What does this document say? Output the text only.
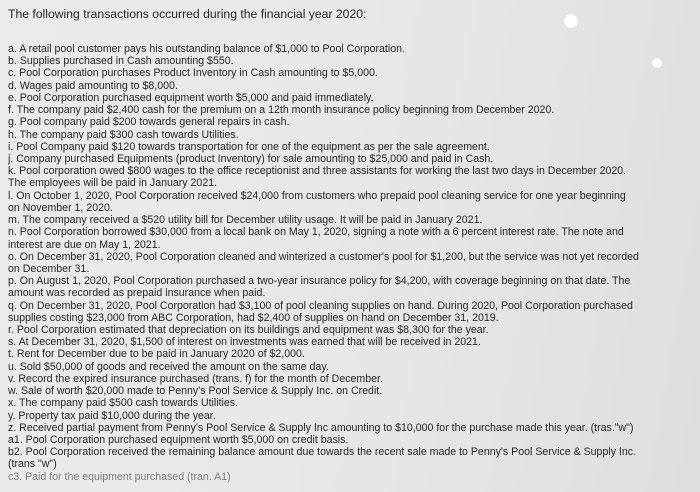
The following transactions occurred during the financial year 2020:
a. A retail pool customer pays his outstanding balance of $1,000 to Pool Corporation.
b. Supplies purchased in Cash amounting $550.
c. Pool Corporation purchases Product Inventory in Cash amounting to $5,000.
d. Wages paid amounting to $8,000.
e. Pool Corporation purchased equipment worth $5,000 and paid immediately.
f. The company paid $2,400 cash for the premium on a 12th month insurance policy beginning from December 2020.
g. Pool company paid $200 towards general repairs in cash.
h. The company paid $300 cash towards Utilities.
i. Pool Company paid $120 towards transportation for one of the equipment as per the sale agreement.
j. Company purchased Equipments (product Inventory) for sale amounting to $25,000 and paid in Cash.
k. Pool corporation owed $800 wages to the office receptionist and three assistants for working the last two days in December 2020.
The employees will be paid in January 2021.
l. On October 1, 2020, Pool Corporation received $24,000 from customers who prepaid pool cleaning service for one year beginning
on November 1, 2020.
m. The company received a $520 utility bill for December utility usage. It will be paid in January 2021.
n. Pool Corporation borrowed $30,000 from a local bank on May 1, 2020, signing a note with a 6 percent interest rate. The note and
interest are due on May 1, 2021.
o. On December 31, 2020, Pool Corporation cleaned and winterized a customer's pool for $1,200, but the service was not yet recorded
on December 31.
p. On August 1, 2020, Pool Corporation purchased a two-year insurance policy for $4,200, with coverage beginning on that date. The
amount was recorded as prepaid insurance when paid.
q. On December 31, 2020, Pool Corporation had $3,100 of pool cleaning supplies on hand. During 2020, Pool Corporation purchased
supplies costing $23,000 from ABC Corporation, had $2,400 of supplies on hand on December 31, 2019.
r. Pool Corporation estimated that depreciation on its buildings and equipment was $8,300 for the year.
s. At December 31, 2020, $1,500 of interest on investments was earned that will be received in 2021.
t. Rent for December due to be paid in January 2020 of $2,000.
u. Sold $50,000 of goods and received the amount on the same day.
v. Record the expired insurance purchased (trans. f) for the month of December.
w. Sale of worth $20,000 made to Penny's Pool Service & Supply Inc. on Credit.
x. The company paid $500 cash towards Utilities.
y. Property tax paid $10,000 during the year.
z. Received partial payment from Penny's Pool Service & Supply Inc amounting to $10,000 for the purchase made this year. (tras."w")
a1. Pool Corporation purchased equipment worth $5,000 on credit basis.
b2. Pool Corporation received the remaining balance amount due towards the recent sale made to Penny's Pool Service & Supply Inc.
(trans "w")
c3. Paid for the equipment purchased (tran. A1)
